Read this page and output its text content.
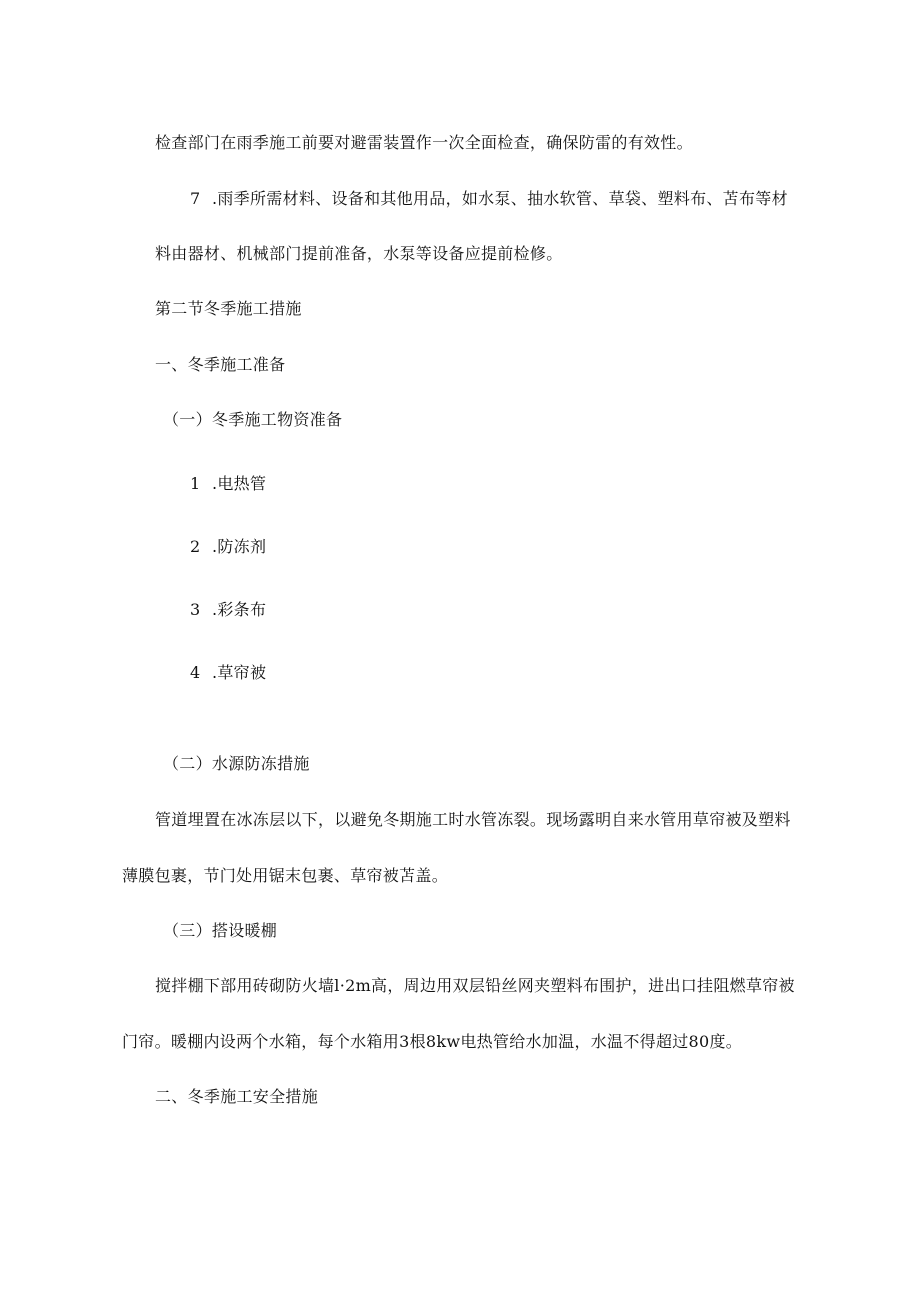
检查部门在雨季施工前要对避雷装置作一次全面检查，确保防雷的有效性。
7 .雨季所需材料、设备和其他用品，如水泵、抽水软管、草袋、塑料布、苫布等材
料由器材、机械部门提前准备，水泵等设备应提前检修。
第二节冬季施工措施
一、冬季施工准备
（一）冬季施工物资准备
1 .电热管
2 .防冻剂
3 .彩条布
4 .草帘被
（二）水源防冻措施
管道埋置在冰冻层以下，以避免冬期施工时水管冻裂。现场露明自来水管用草帘被及塑料
薄膜包裹，节门处用锯末包裹、草帘被苫盖。
（三）搭设暖棚
搅拌棚下部用砖砌防火墙l·2m高，周边用双层铅丝网夹塑料布围护，进出口挂阻燃草帘被
门帘。暖棚内设两个水箱，每个水箱用3根8kw电热管给水加温，水温不得超过80度。
二、冬季施工安全措施
